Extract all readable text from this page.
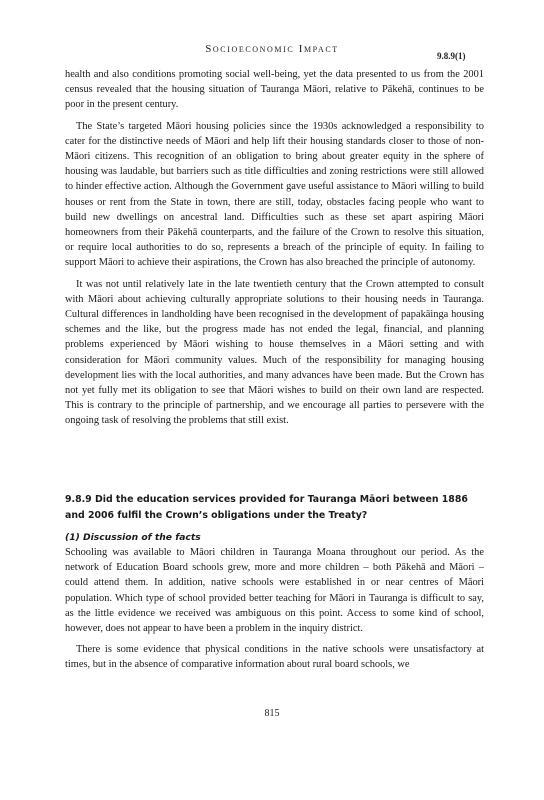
Socioeconomic Impact
9.8.9(1)

health and also conditions promoting social well-being, yet the data presented to us from the 2001 census revealed that the housing situation of Tauranga Māori, relative to Pākehā, continues to be poor in the present century.

The State’s targeted Māori housing policies since the 1930s acknowledged a responsibility to cater for the distinctive needs of Māori and help lift their housing standards closer to those of non-Māori citizens. This recognition of an obligation to bring about greater equity in the sphere of housing was laudable, but barriers such as title difficulties and zoning restrictions were still allowed to hinder effective action. Although the Government gave useful assistance to Māori willing to build houses or rent from the State in town, there are still, today, obstacles facing people who want to build new dwellings on ancestral land. Difficulties such as these set apart aspiring Māori homeowners from their Pākehā counterparts, and the failure of the Crown to resolve this situation, or require local authorities to do so, represents a breach of the principle of equity. In failing to support Māori to achieve their aspirations, the Crown has also breached the principle of autonomy.

It was not until relatively late in the late twentieth century that the Crown attempted to consult with Māori about achieving culturally appropriate solutions to their housing needs in Tauranga. Cultural differences in landholding have been recognised in the development of papakāinga housing schemes and the like, but the progress made has not ended the legal, financial, and planning problems experienced by Māori wishing to house themselves in a Māori setting and with consideration for Māori community values. Much of the responsibility for managing housing development lies with the local authorities, and many advances have been made. But the Crown has not yet fully met its obligation to see that Māori wishes to build on their own land are respected. This is contrary to the principle of partnership, and we encourage all parties to persevere with the ongoing task of resolving the problems that still exist.

9.8.9 Did the education services provided for Tauranga Māori between 1886 and 2006 fulfil the Crown’s obligations under the Treaty?
(1) Discussion of the facts

Schooling was available to Māori children in Tauranga Moana throughout our period. As the network of Education Board schools grew, more and more children – both Pākehā and Māori – could attend them. In addition, native schools were established in or near centres of Māori population. Which type of school provided better teaching for Māori in Tauranga is difficult to say, as the little evidence we received was ambiguous on this point. Access to some kind of school, however, does not appear to have been a problem in the inquiry district.

There is some evidence that physical conditions in the native schools were unsatisfactory at times, but in the absence of comparative information about rural board schools, we

815
